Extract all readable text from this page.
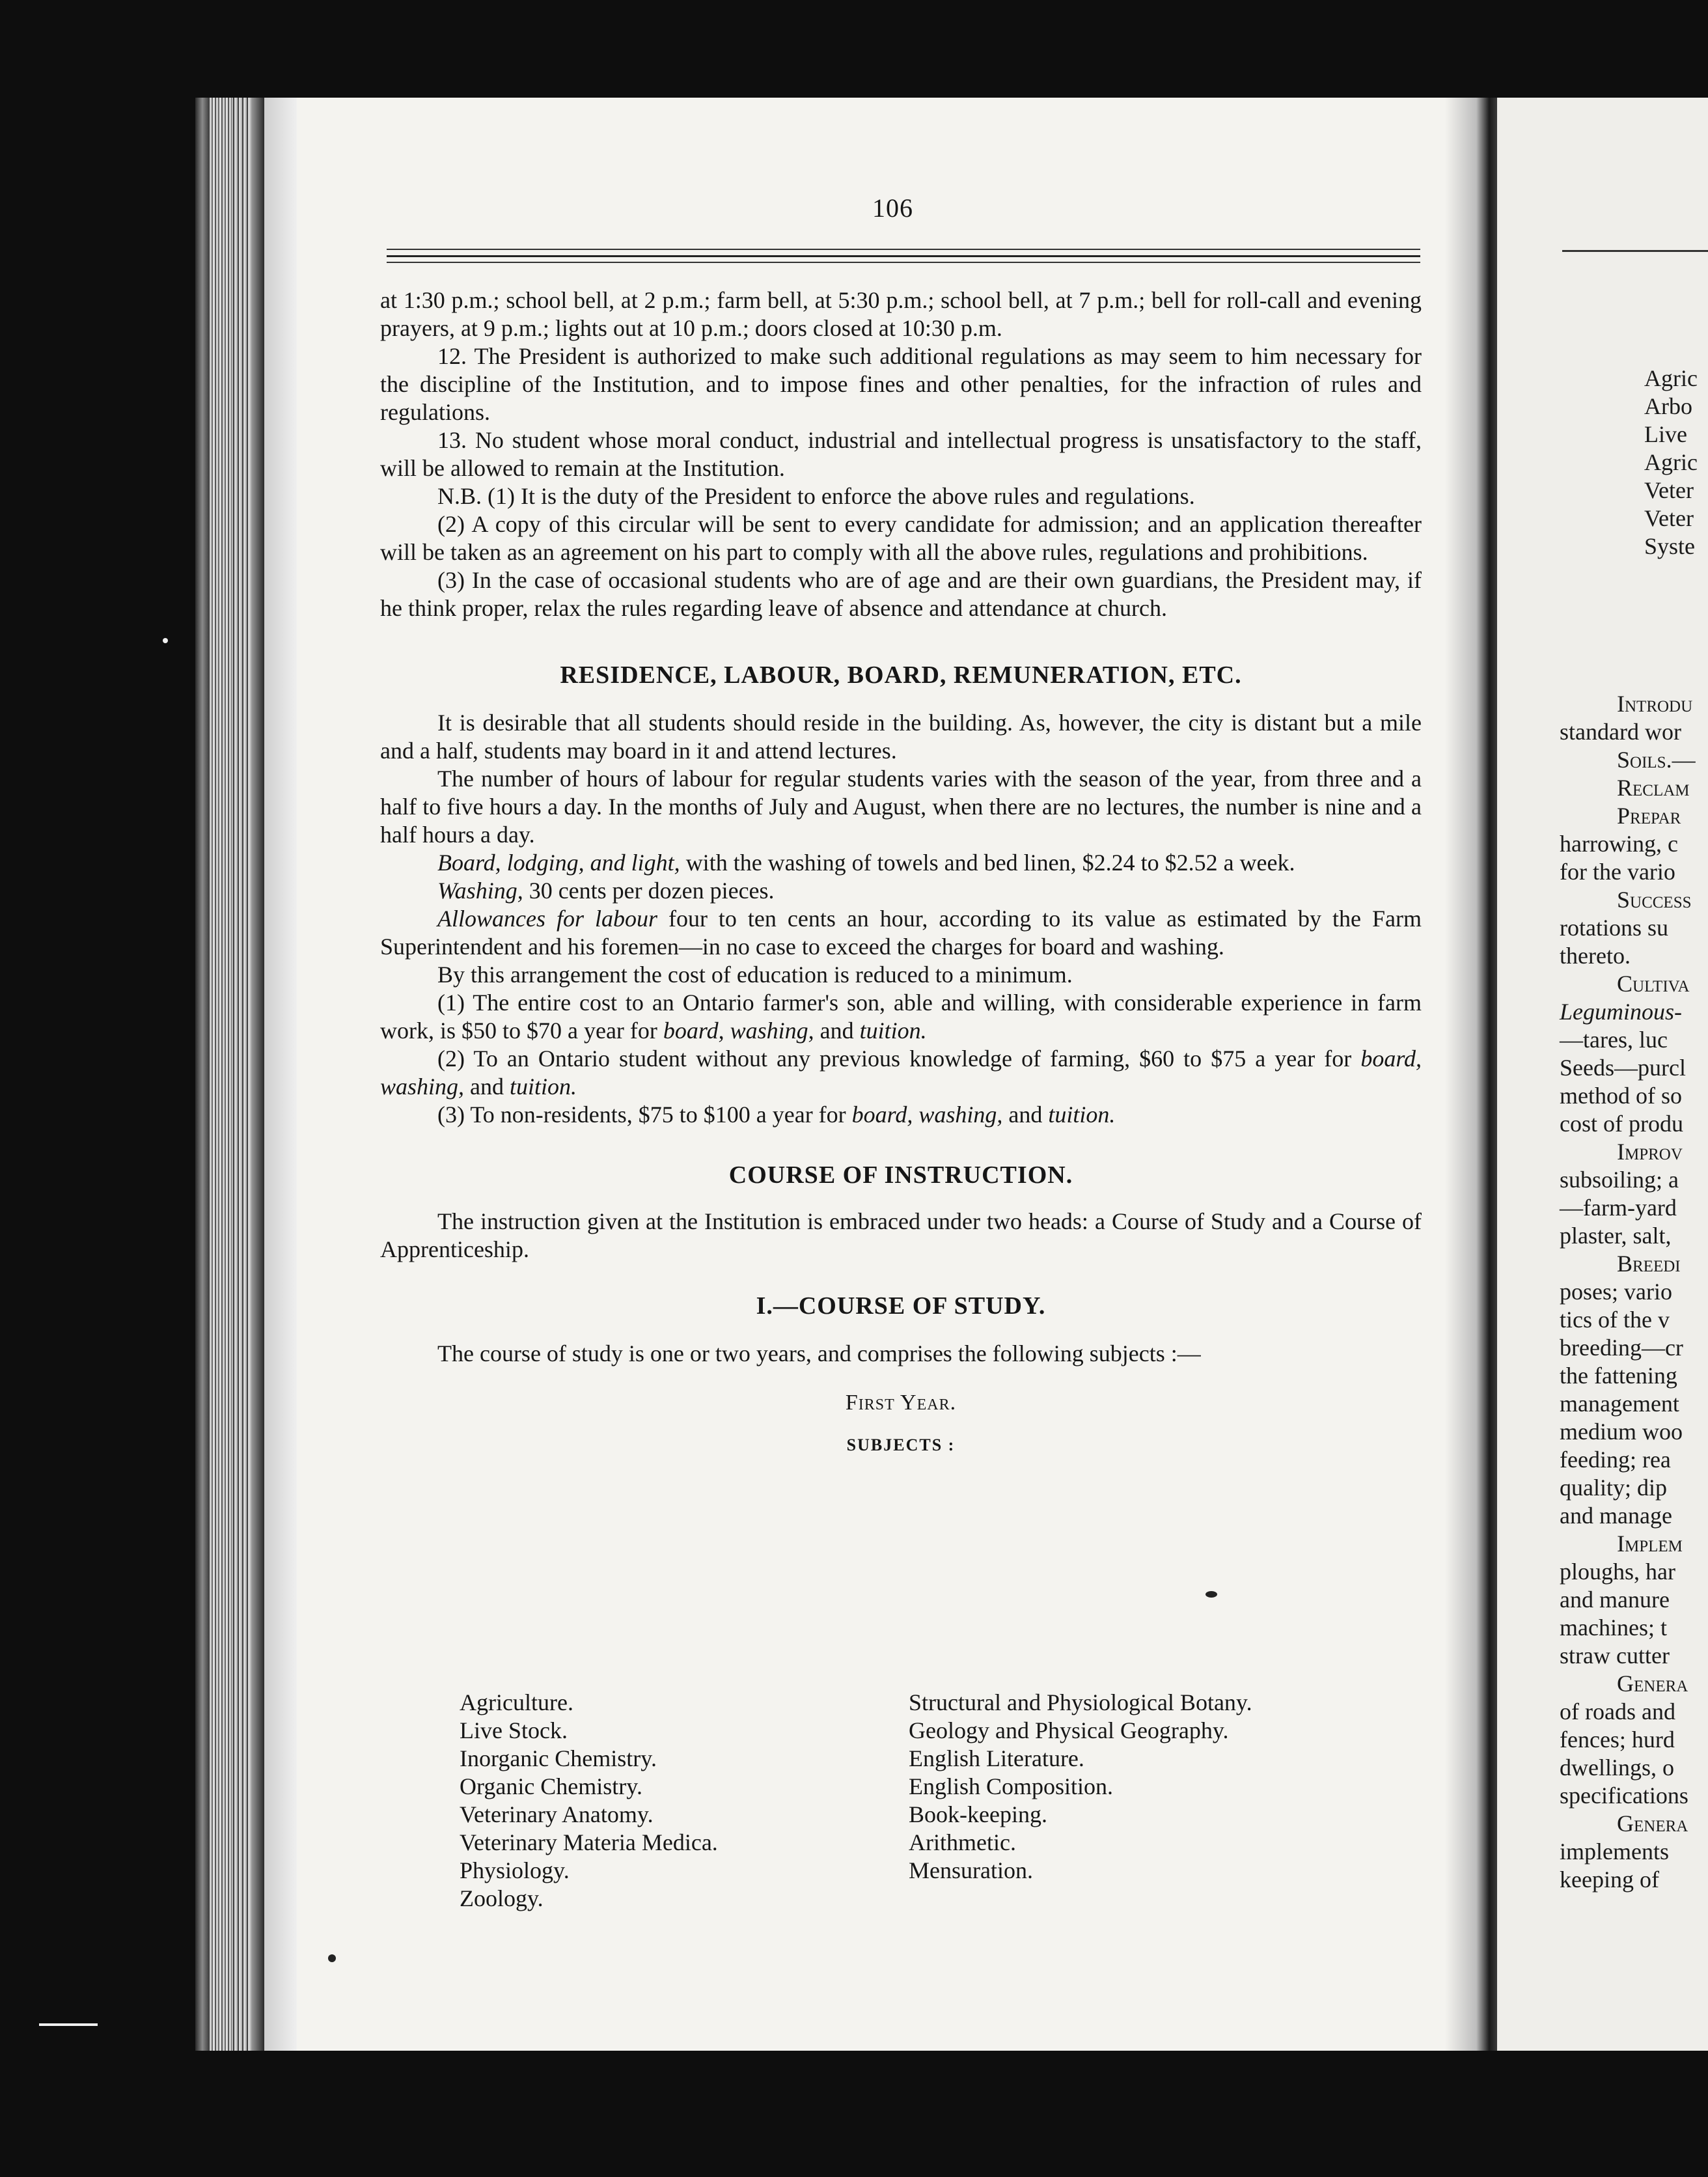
106

at 1:30 p.m.; school bell, at 2 p.m.; farm bell, at 5:30 p.m.; school bell, at 7 p.m.; bell for roll-call and evening prayers, at 9 p.m.; lights out at 10 p.m.; doors closed at 10:30 p.m.

12. The President is authorized to make such additional regulations as may seem to him necessary for the discipline of the Institution, and to impose fines and other penalties, for the infraction of rules and regulations.

13. No student whose moral conduct, industrial and intellectual progress is unsatisfactory to the staff, will be allowed to remain at the Institution.

N.B. (1) It is the duty of the President to enforce the above rules and regulations.

(2) A copy of this circular will be sent to every candidate for admission; and an application thereafter will be taken as an agreement on his part to comply with all the above rules, regulations and prohibitions.

(3) In the case of occasional students who are of age and are their own guardians, the President may, if he think proper, relax the rules regarding leave of absence and attendance at church.

RESIDENCE, LABOUR, BOARD, REMUNERATION, ETC.

It is desirable that all students should reside in the building. As, however, the city is distant but a mile and a half, students may board in it and attend lectures.

The number of hours of labour for regular students varies with the season of the year, from three and a half to five hours a day. In the months of July and August, when there are no lectures, the number is nine and a half hours a day.

Board, lodging, and light, with the washing of towels and bed linen, $2.24 to $2.52 a week.

Washing, 30 cents per dozen pieces.

Allowances for labour four to ten cents an hour, according to its value as estimated by the Farm Superintendent and his foremen—in no case to exceed the charges for board and washing.

By this arrangement the cost of education is reduced to a minimum.

(1) The entire cost to an Ontario farmer's son, able and willing, with considerable experience in farm work, is $50 to $70 a year for board, washing, and tuition.

(2) To an Ontario student without any previous knowledge of farming, $60 to $75 a year for board, washing, and tuition.

(3) To non-residents, $75 to $100 a year for board, washing, and tuition.

COURSE OF INSTRUCTION.

The instruction given at the Institution is embraced under two heads: a Course of Study and a Course of Apprenticeship.

I.—COURSE OF STUDY.

The course of study is one or two years, and comprises the following subjects :—

First Year.
SUBJECTS :
Agriculture.
Live Stock.
Inorganic Chemistry.
Organic Chemistry.
Veterinary Anatomy.
Veterinary Materia Medica.
Physiology.
Zoology.
Structural and Physiological Botany.
Geology and Physical Geography.
English Literature.
English Composition.
Book-keeping.
Arithmetic.
Mensuration.
Agric
Arbo
Live
Agric
Veter
Veter
Syste
Introdu
standard wor
Soils.—
Reclam
Prepar
harrowing, c
for the vario
Success
rotations su
thereto.
Cultiva
Leguminous-
—tares, luc
Seeds—purcl
method of so
cost of produ
Improv
subsoiling; a
—farm-yard
plaster, salt,
Breedi
poses; vario
tics of the v
breeding—cr
the fattening
management
medium woo
feeding; rea
quality; dip
and manage
Implem
ploughs, har
and manure
machines; t
straw cutter
Genera
of roads and
fences; hurd
dwellings, o
specifications
Genera
implements
keeping of
